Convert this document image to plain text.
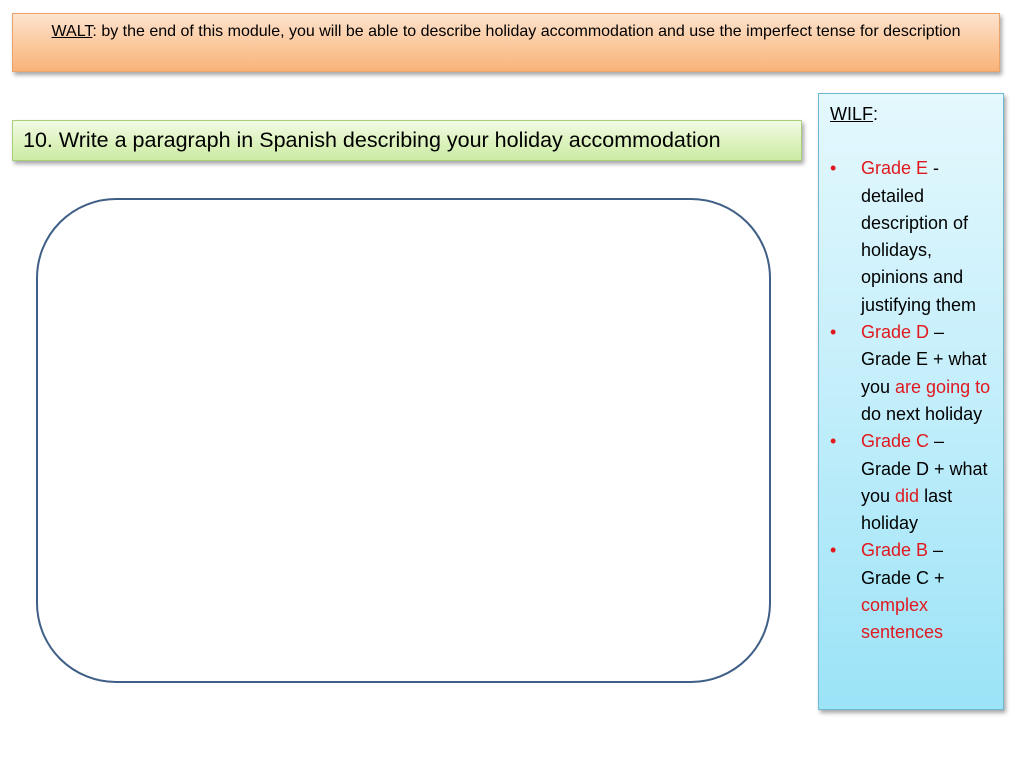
WALT: by the end of this module, you will be able to describe holiday accommodation and use the imperfect tense for description
10. Write a paragraph in Spanish describing your holiday accommodation

WILF:

• Grade E - detailed description of holidays, opinions and justifying them
• Grade D – Grade E + what you are going to do next holiday
• Grade C – Grade D + what you did last holiday
• Grade B – Grade C + complex sentences
